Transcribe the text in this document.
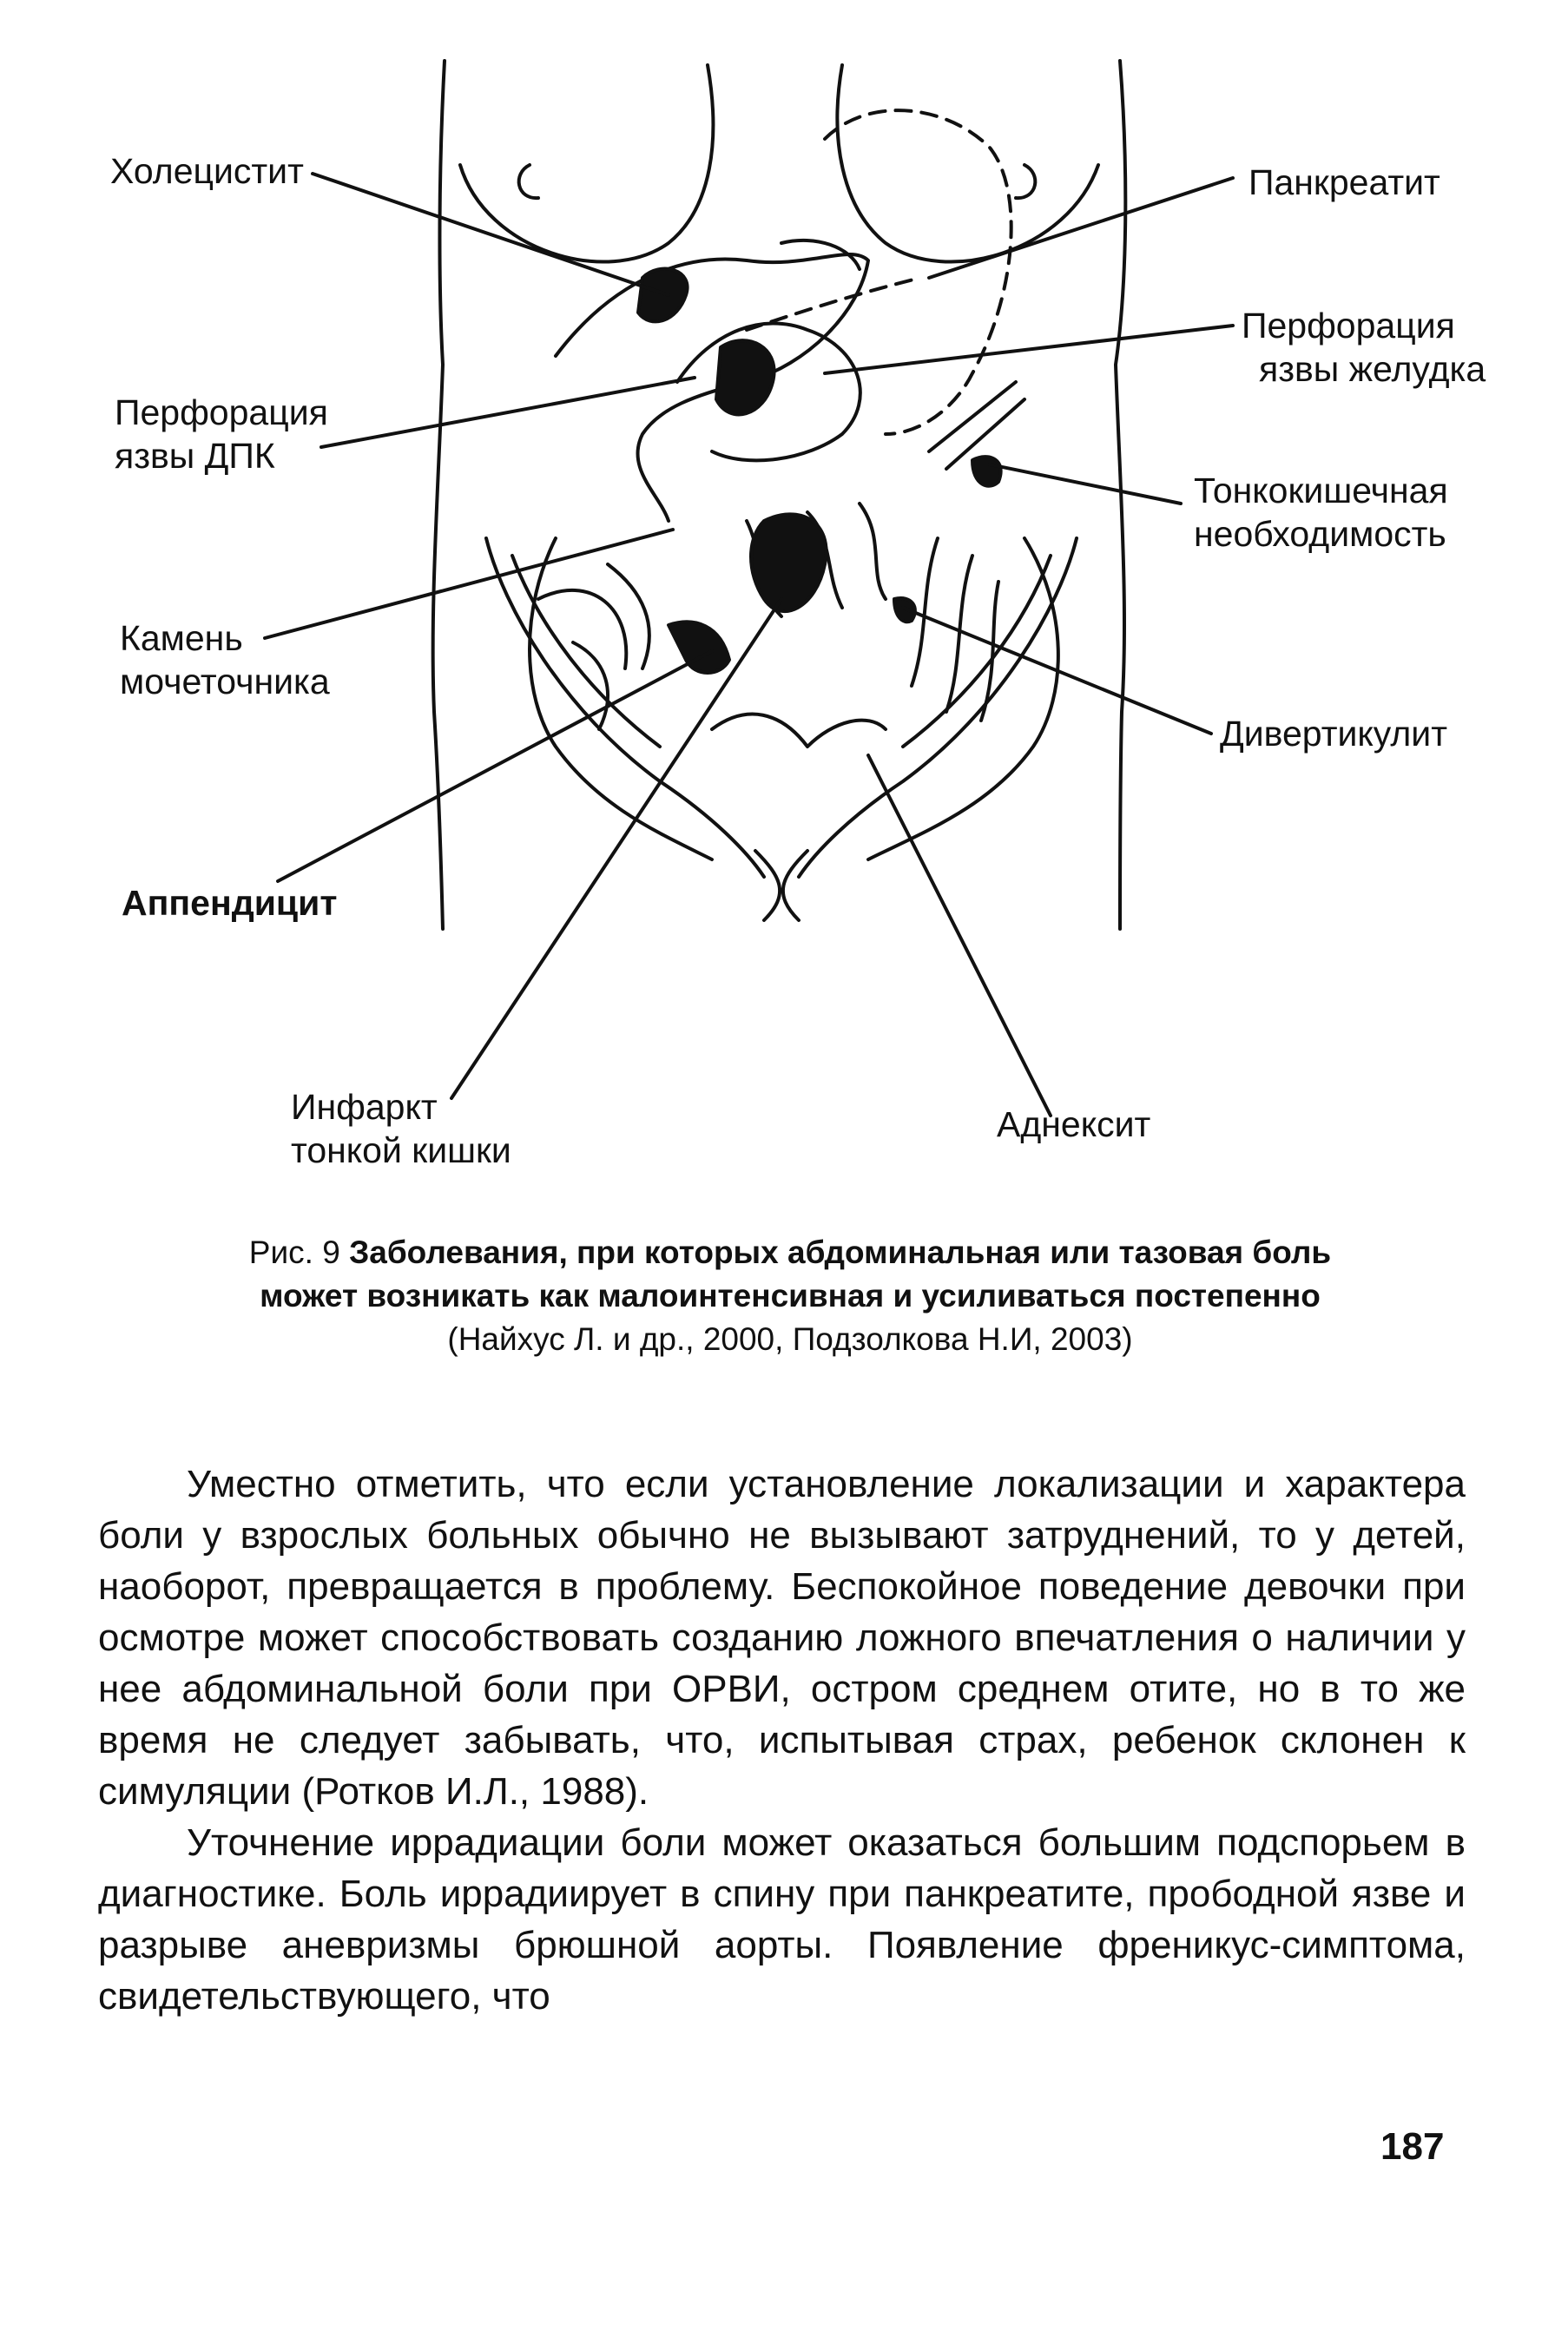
Холецистит	Панкреатит
Перфорация
язвы желудка
Перфорация
язвы ДПК
Тонкокишечная
необходимость
Камень
мочеточника
Дивертикулит
Аппендицит
Инфаркт
тонкой кишки
Аднексит
Рис. 9 Заболевания, при которых абдоминальная или тазовая боль
может возникать как малоинтенсивная и усиливаться постепенно
(Найхус Л. и др., 2000, Подзолкова Н.И, 2003)

Уместно отметить, что если установление локализации и характера боли у взрослых больных обычно не вызывают затруднений, то у детей, наоборот, превращается в проблему. Беспокойное поведение девочки при осмотре может способствовать созданию ложного впечатления о наличии у нее абдоминальной боли при ОРВИ, остром среднем отите, но в то же время не следует забывать, что, испытывая страх, ребенок склонен к симуляции (Ротков И.Л., 1988).

Уточнение иррадиации боли может оказаться большим подспорьем в диагностике. Боль иррадиирует в спину при панкреатите, прободной язве и разрыве аневризмы брюшной аорты. Появление френикус-симптома, свидетельствующего, что

187
